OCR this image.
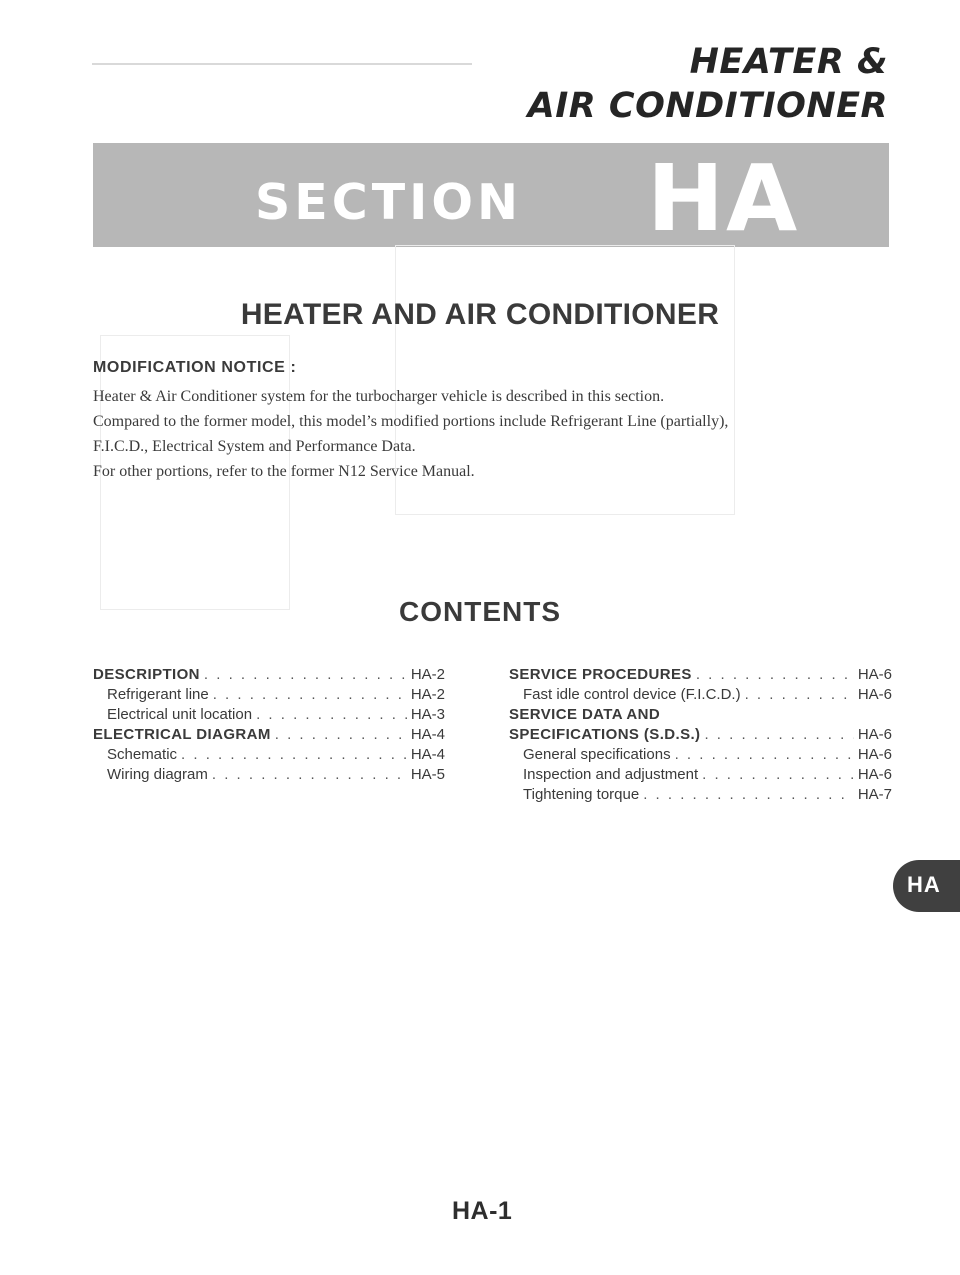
HEATER &
AIR CONDITIONER
SECTION HA
HEATER AND AIR CONDITIONER
MODIFICATION NOTICE :

Heater & Air Conditioner system for the turbocharger vehicle is described in this section.

Compared to the former model, this model’s modified portions include Refrigerant Line (partially),

F.I.C.D., Electrical System and Performance Data.

For other portions, refer to the former N12 Service Manual.

CONTENTS
DESCRIPTION . . .	HA-2
Refrigerant line . . .	HA-2
Electrical unit location . . .	HA-3
ELECTRICAL DIAGRAM . . .	HA-4
Schematic . . .	HA-4
Wiring diagram . . .	HA-5
SERVICE PROCEDURES . . .	HA-6
Fast idle control device (F.I.C.D.) . . .	HA-6
SERVICE DATA AND
SPECIFICATIONS (S.D.S.) . . .	HA-6
General specifications . . .	HA-6
Inspection and adjustment . . .	HA-6
Tightening torque . . .	HA-7
HA
HA-1
